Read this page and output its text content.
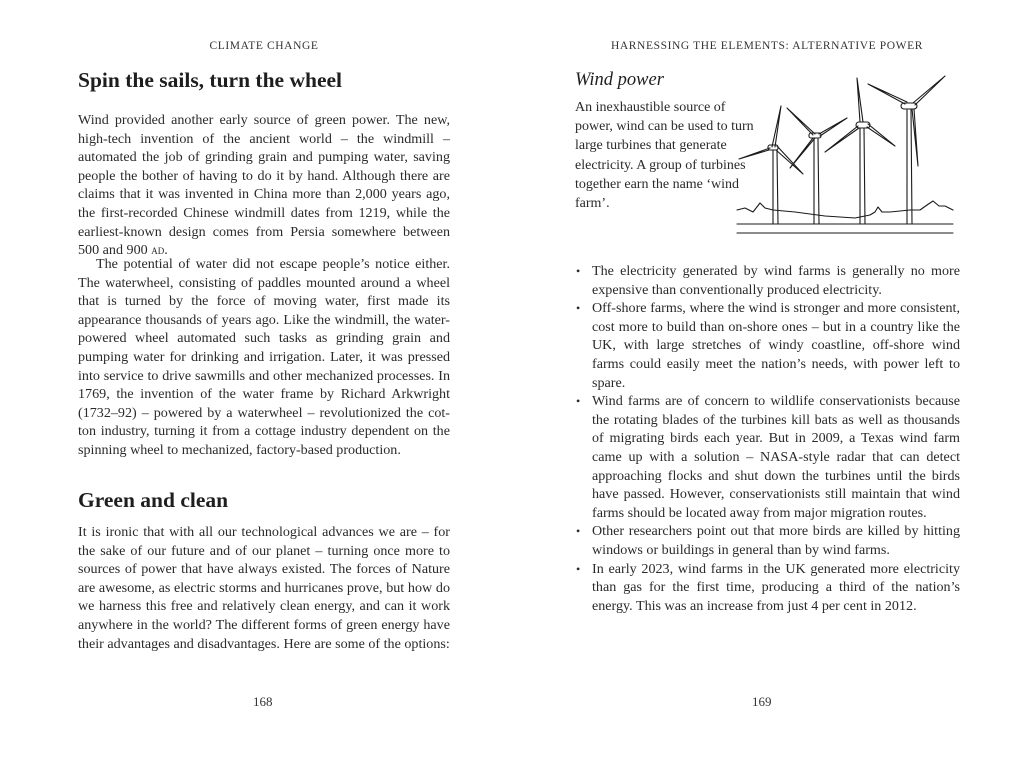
CLIMATE CHANGE
Spin the sails, turn the wheel

Wind provided another early source of green power. The new, high-tech invention of the ancient world – the windmill – automated the job of grinding grain and pumping water, saving people the bother of having to do it by hand. Although there are claims that it was invented in China more than 2,000 years ago, the first-recorded Chinese windmill dates from 1219, while the earliest-known design comes from Persia somewhere between 500 and 900 ad.

The potential of water did not escape people’s notice either. The waterwheel, consisting of paddles mounted around a wheel that is turned by the force of moving water, first made its appearance thousands of years ago. Like the windmill, the water-powered wheel automated such tasks as grinding grain and pumping water for drinking and irrigation. Later, it was pressed into service to drive sawmills and other mechanized processes. In 1769, the invention of the water frame by Richard Arkwright (1732–92) – powered by a waterwheel – revolutionized the cotton industry, turning it from a cottage industry dependent on the spinning wheel to mechanized, factory-based production.

Green and clean

It is ironic that with all our technological advances we are – for the sake of our future and of our planet – turning once more to sources of power that have always existed. The forces of Nature are awesome, as electric storms and hurricanes prove, but how do we harness this free and relatively clean energy, and can it work anywhere in the world? The different forms of green energy have their advantages and disadvantages. Here are some of the options:

168
HARNESSING THE ELEMENTS: ALTERNATIVE POWER
Wind power

An inexhaustible source of power, wind can be used to turn large turbines that generate electricity. A group of turbines together earn the name ‘wind farm’.

• The electricity generated by wind farms is generally no more expensive than conventionally produced electricity.
• Off-shore farms, where the wind is stronger and more consistent, cost more to build than on-shore ones – but in a country like the UK, with large stretches of windy coastline, off-shore wind farms could easily meet the nation’s needs, with power left to spare.
• Wind farms are of concern to wildlife conservationists because the rotating blades of the turbines kill bats as well as thousands of migrating birds each year. But in 2009, a Texas wind farm came up with a solution – NASA-style radar that can detect approaching flocks and shut down the turbines until the birds have passed. However, conservationists still maintain that wind farms should be located away from major migration routes.
• Other researchers point out that more birds are killed by hitting windows or buildings in general than by wind farms.
• In early 2023, wind farms in the UK generated more electricity than gas for the first time, producing a third of the nation’s energy. This was an increase from just 4 per cent in 2012.
169
